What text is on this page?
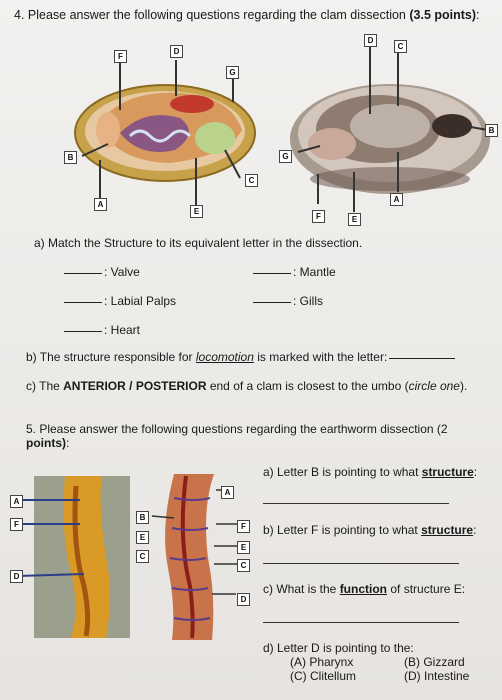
4. Please answer the following questions regarding the clam dissection (3.5 points):
F
D
G
B
A
E
C
D
C
G
B
A
F	E
a) Match the Structure to its equivalent letter in the dissection.
: Valve	: Mantle
: Labial Palps	: Gills
: Heart
b) The structure responsible for locomotion is marked with the letter:
c) The ANTERIOR / POSTERIOR end of a clam is closest to the umbo (circle one).
5. Please answer the following questions regarding the earthworm dissection (2
points):
A
F
D
B
E
C
A
F
E
C
D
a) Letter B is pointing to what structure:
b) Letter F is pointing to what structure:
c) What is the function of structure E:
d) Letter D is pointing to the:
(A) Pharynx	(B) Gizzard
(C) Clitellum	(D) Intestine
